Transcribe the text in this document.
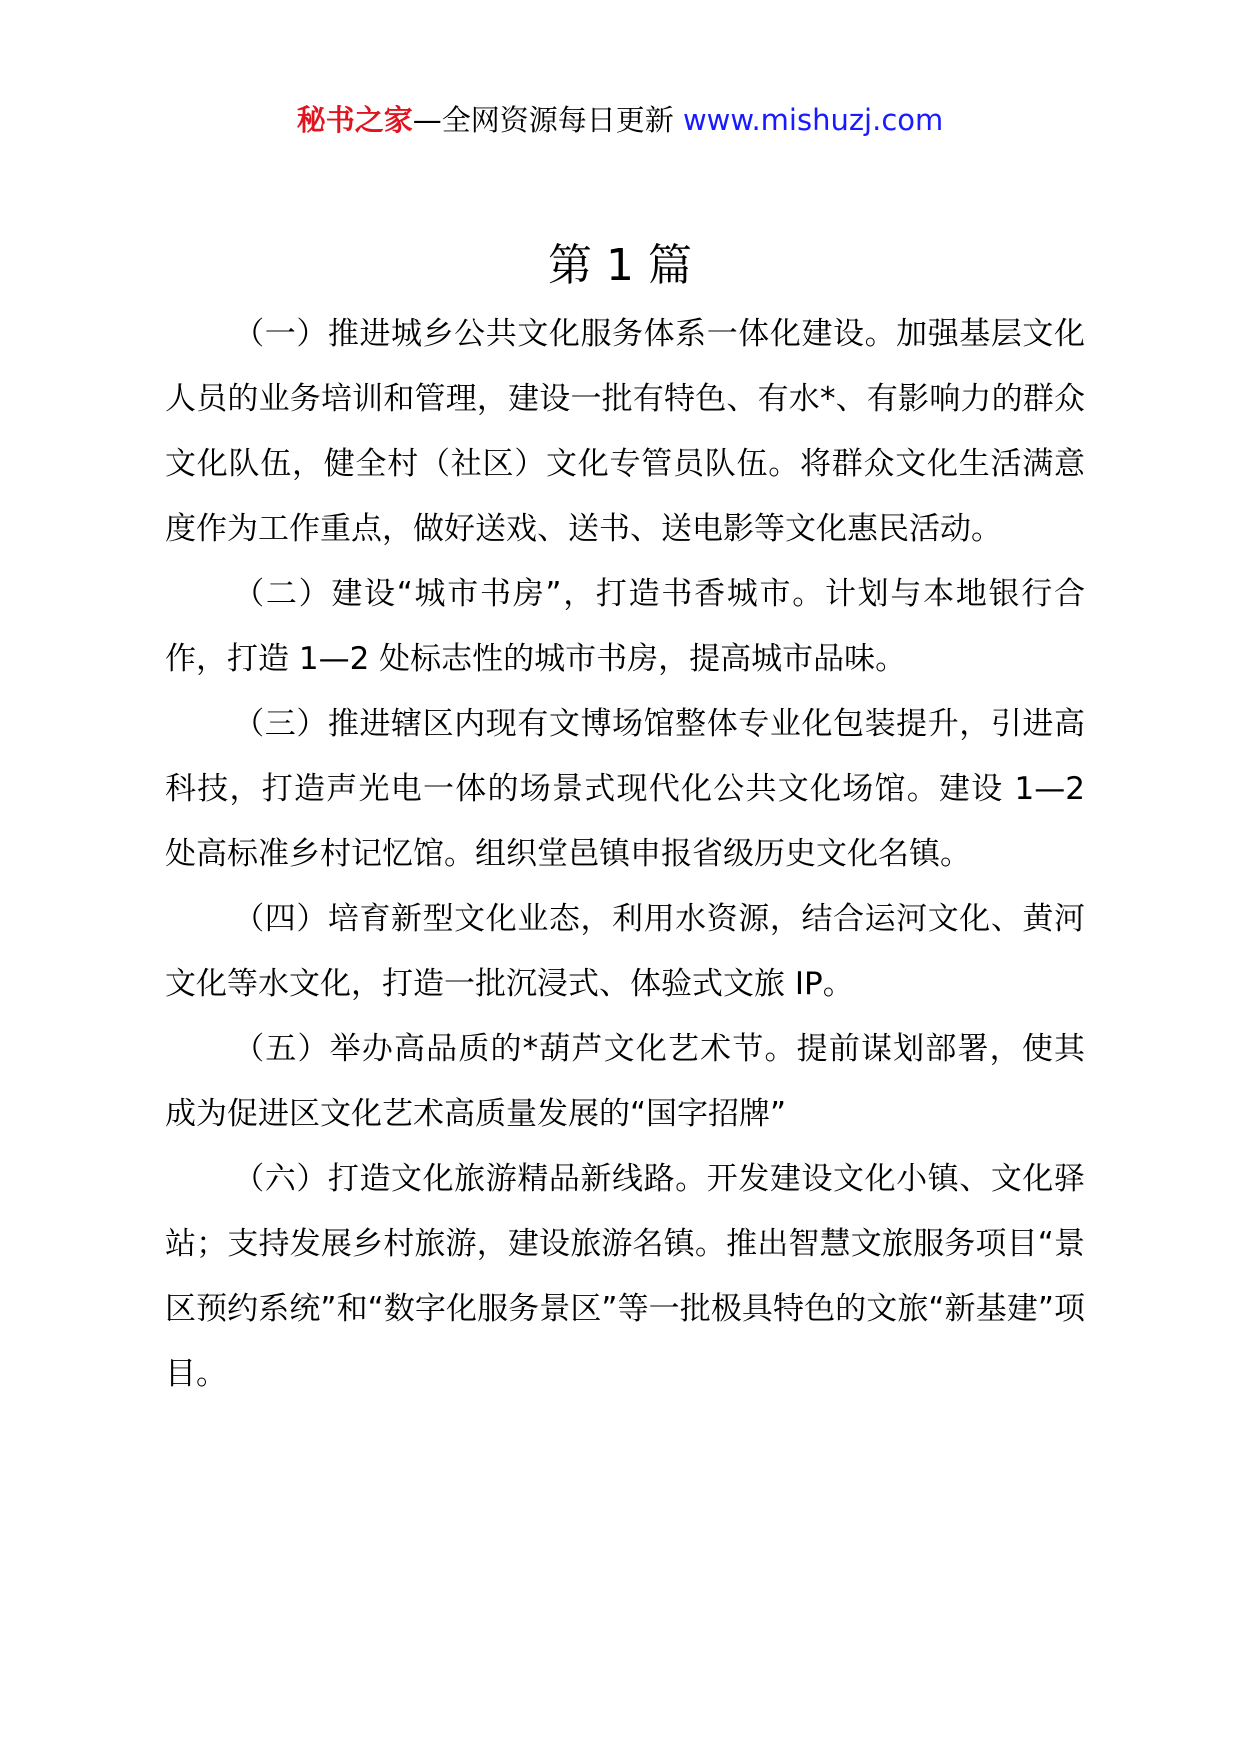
秘书之家—全网资源每日更新 www.mishuzj.com
第 1 篇

（一）推进城乡公共文化服务体系一体化建设。加强基层文化人员的业务培训和管理，建设一批有特色、有水*、有影响力的群众文化队伍，健全村（社区）文化专管员队伍。将群众文化生活满意度作为工作重点，做好送戏、送书、送电影等文化惠民活动。

（二）建设“城市书房”，打造书香城市。计划与本地银行合作，打造 1—2 处标志性的城市书房，提高城市品味。

（三）推进辖区内现有文博场馆整体专业化包装提升，引进高科技，打造声光电一体的场景式现代化公共文化场馆。建设 1—2 处高标准乡村记忆馆。组织堂邑镇申报省级历史文化名镇。

（四）培育新型文化业态，利用水资源，结合运河文化、黄河文化等水文化，打造一批沉浸式、体验式文旅 IP。

（五）举办高品质的*葫芦文化艺术节。提前谋划部署，使其成为促进区文化艺术高质量发展的“国字招牌”

（六）打造文化旅游精品新线路。开发建设文化小镇、文化驿站；支持发展乡村旅游，建设旅游名镇。推出智慧文旅服务项目“景区预约系统”和“数字化服务景区”等一批极具特色的文旅“新基建”项目。
